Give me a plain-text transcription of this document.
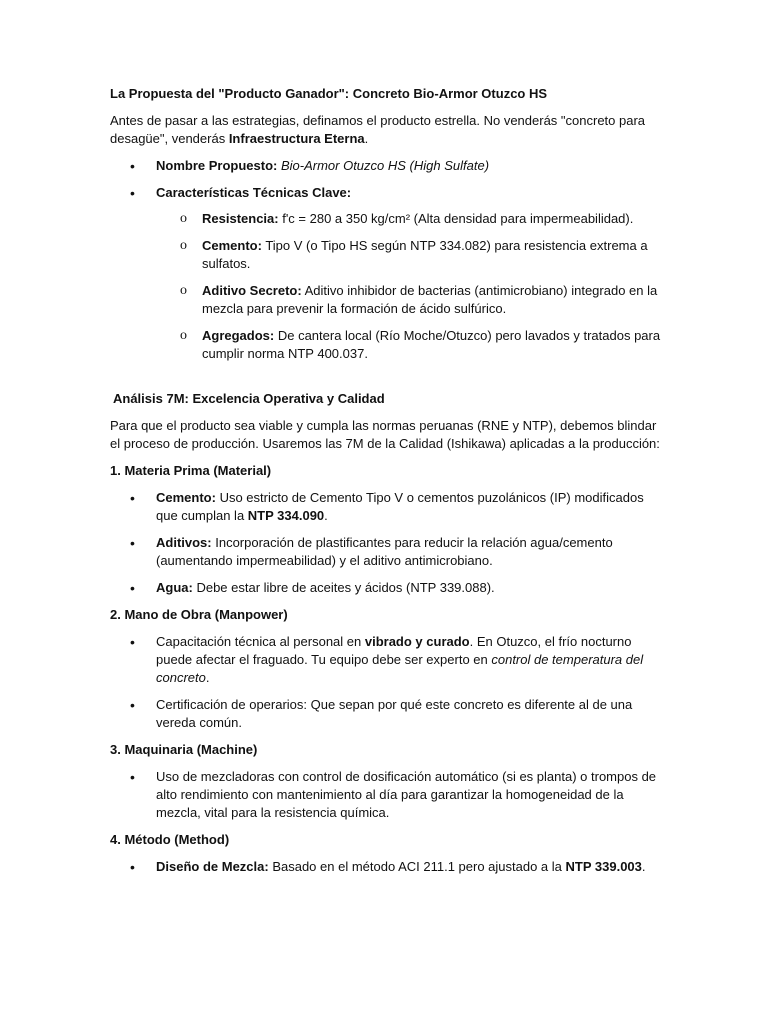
La Propuesta del "Producto Ganador": Concreto Bio-Armor Otuzco HS
Antes de pasar a las estrategias, definamos el producto estrella. No venderás "concreto para desagüe", venderás Infraestructura Eterna.
• Nombre Propuesto: Bio-Armor Otuzco HS (High Sulfate)
• Características Técnicas Clave:
o Resistencia: f'c = 280 a 350 kg/cm² (Alta densidad para impermeabilidad).
o Cemento: Tipo V (o Tipo HS según NTP 334.082) para resistencia extrema a sulfatos.
o Aditivo Secreto: Aditivo inhibidor de bacterias (antimicrobiano) integrado en la mezcla para prevenir la formación de ácido sulfúrico.
o Agregados: De cantera local (Río Moche/Otuzco) pero lavados y tratados para cumplir norma NTP 400.037.
Análisis 7M: Excelencia Operativa y Calidad
Para que el producto sea viable y cumpla las normas peruanas (RNE y NTP), debemos blindar el proceso de producción. Usaremos las 7M de la Calidad (Ishikawa) aplicadas a la producción:
1. Materia Prima (Material)
• Cemento: Uso estricto de Cemento Tipo V o cementos puzolánicos (IP) modificados que cumplan la NTP 334.090.
• Aditivos: Incorporación de plastificantes para reducir la relación agua/cemento (aumentando impermeabilidad) y el aditivo antimicrobiano.
• Agua: Debe estar libre de aceites y ácidos (NTP 339.088).
2. Mano de Obra (Manpower)
• Capacitación técnica al personal en vibrado y curado. En Otuzco, el frío nocturno puede afectar el fraguado. Tu equipo debe ser experto en control de temperatura del concreto.
• Certificación de operarios: Que sepan por qué este concreto es diferente al de una vereda común.
3. Maquinaria (Machine)
• Uso de mezcladoras con control de dosificación automático (si es planta) o trompos de alto rendimiento con mantenimiento al día para garantizar la homogeneidad de la mezcla, vital para la resistencia química.
4. Método (Method)
• Diseño de Mezcla: Basado en el método ACI 211.1 pero ajustado a la NTP 339.003.
